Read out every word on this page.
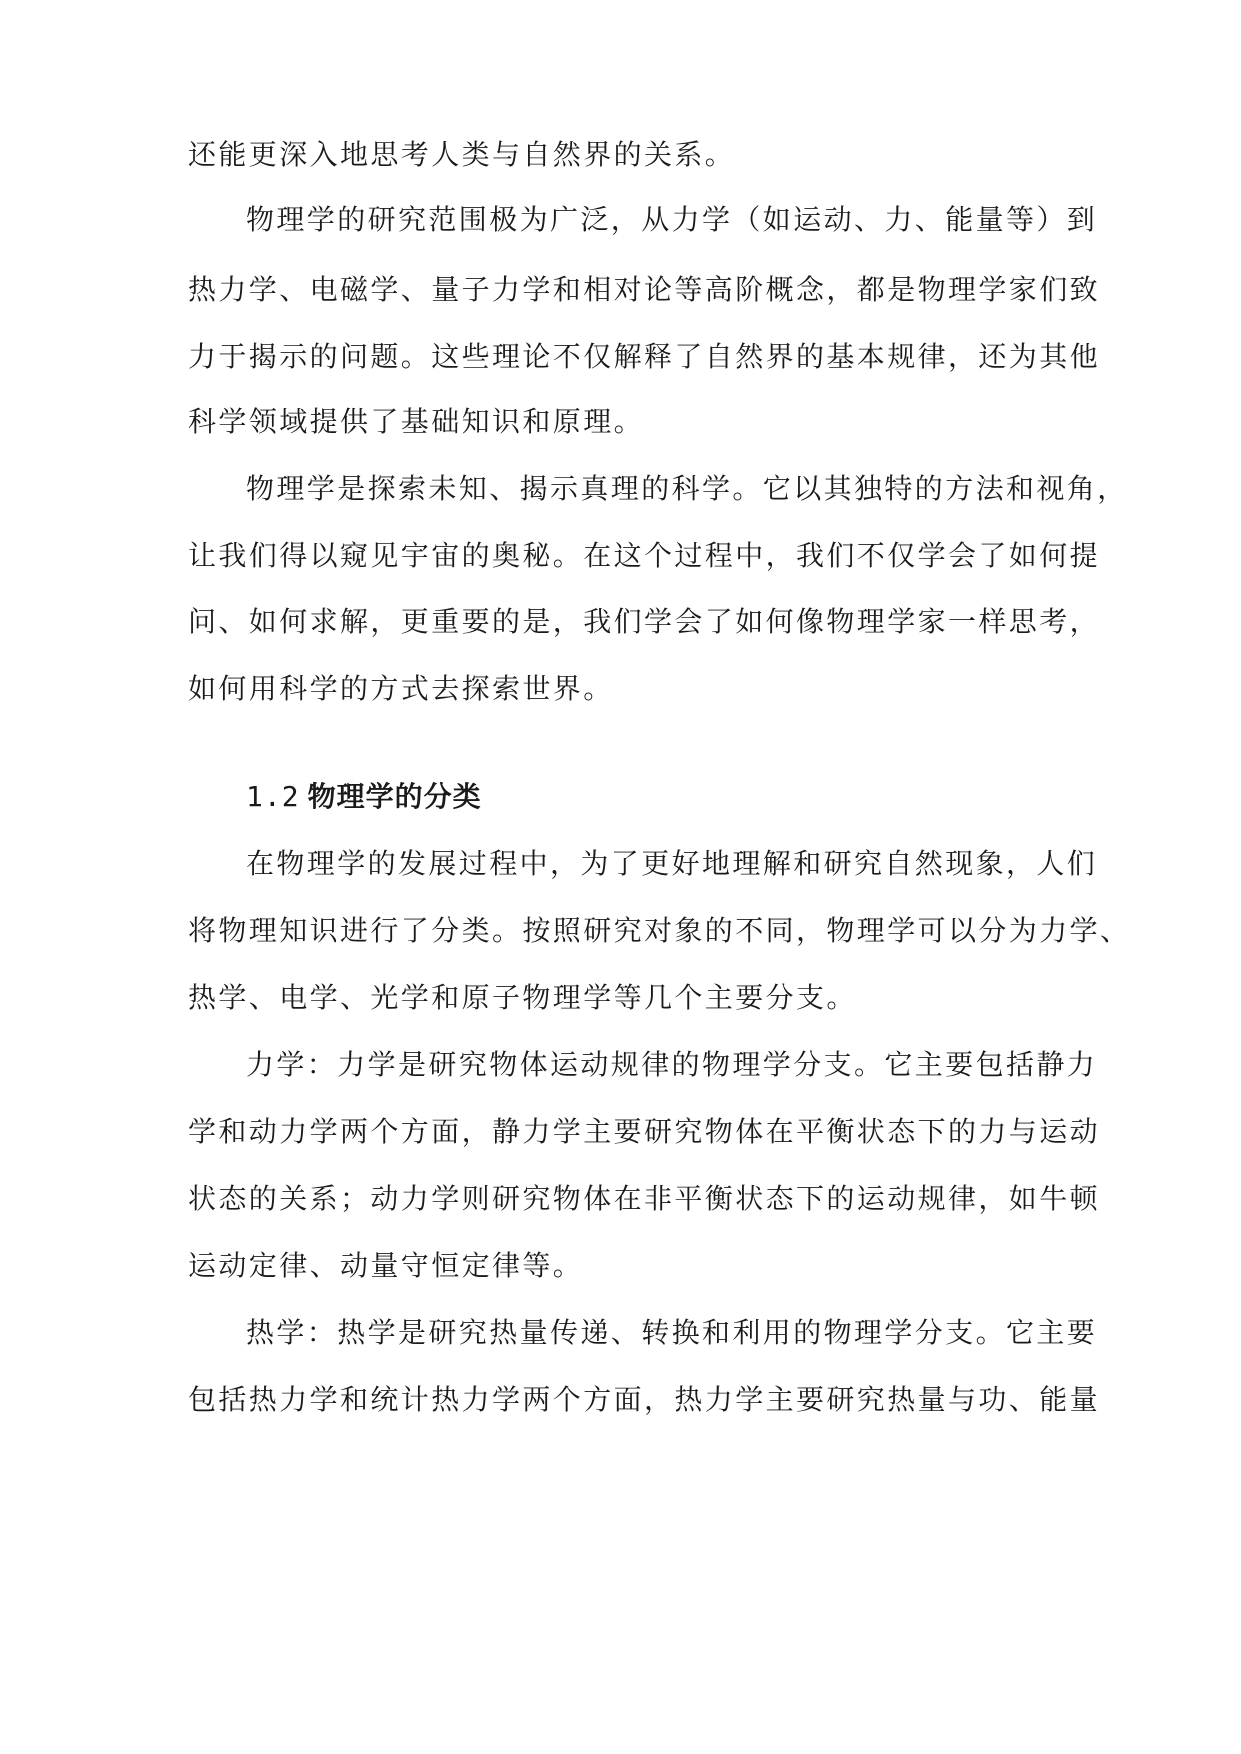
还能更深入地思考人类与自然界的关系。
物理学的研究范围极为广泛，从力学（如运动、力、能量等）到
热力学、电磁学、量子力学和相对论等高阶概念，都是物理学家们致
力于揭示的问题。这些理论不仅解释了自然界的基本规律，还为其他
科学领域提供了基础知识和原理。
物理学是探索未知、揭示真理的科学。它以其独特的方法和视角，
让我们得以窥见宇宙的奥秘。在这个过程中，我们不仅学会了如何提
问、如何求解，更重要的是，我们学会了如何像物理学家一样思考，
如何用科学的方式去探索世界。
1.2 物理学的分类
在物理学的发展过程中，为了更好地理解和研究自然现象，人们
将物理知识进行了分类。按照研究对象的不同，物理学可以分为力学、
热学、电学、光学和原子物理学等几个主要分支。
力学：力学是研究物体运动规律的物理学分支。它主要包括静力
学和动力学两个方面，静力学主要研究物体在平衡状态下的力与运动
状态的关系；动力学则研究物体在非平衡状态下的运动规律，如牛顿
运动定律、动量守恒定律等。
热学：热学是研究热量传递、转换和利用的物理学分支。它主要
包括热力学和统计热力学两个方面，热力学主要研究热量与功、能量
